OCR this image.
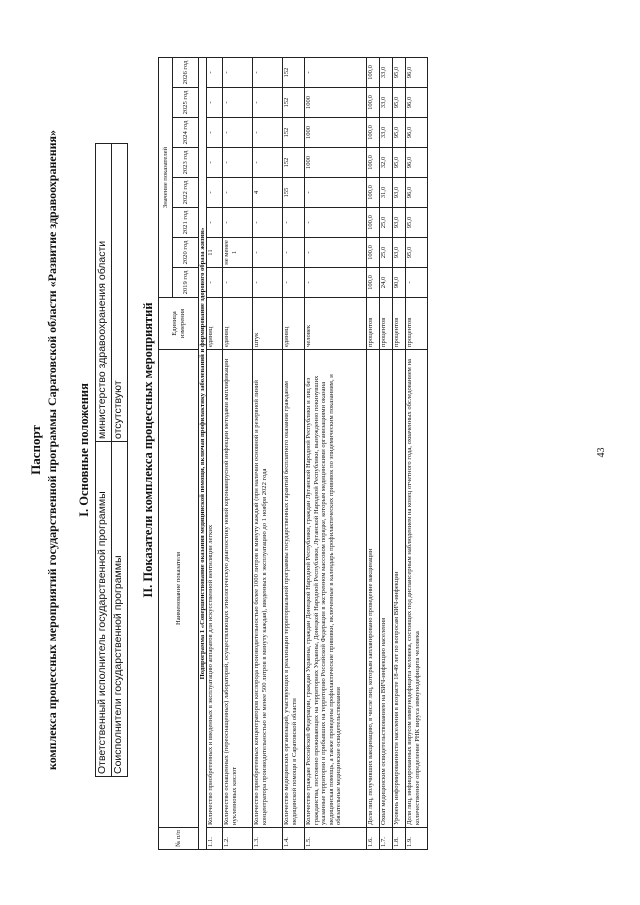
43
Паспорт комплекса процессных мероприятий государственной программы Саратовской области «Развитие здравоохранения» I. Основные положения
Ответственный исполнитель государственной программы	министерство здравоохранения области
Соисполнители государственной программы	отсутствуют II. Показатели комплекса процессных мероприятий
№ п/п	Наименование показателя	Единица измерения	Значение показателей							
			2019 год	2020 год	2021 год	2022 год	2023 год	2024 год	2025 год	2026 год
Подпрограмма 1 «Совершенствование оказания медицинской помощи, включая профилактику заболеваний и формирование здорового образа жизни»										
1.1.	Количество приобретенных и введенных в эксплуатацию аппаратов для искусственной вентиляции легких	единиц	-	11	-	-	-	-	-	-
1.2.	Количество оснащенных (переоснащенных) лабораторий, осуществляющих этиологическую диагностику новой коронавирусной инфекции методами амплификации нуклеиновых кислот	единиц	-	не менее 1	-	-	-	-	-	-
1.3.	Количество приобретенных концентраторов кислорода производительностью более 1000 литров в минуту каждый (при наличии основной и резервной линий концентратора производительностью не менее 500 литров в минуту каждая), введенных в эксплуатацию до 1 ноября 2022 года	штук	-	-	-	4	-	-	-	-
1.4.	Количество медицинских организаций, участвующих в реализации территориальной программы государственных гарантий бесплатного оказания гражданам медицинской помощи в Саратовской области	единиц	-	-	-	155	152	152	152	152
1.5.	Количество граждан Российской Федерации, граждан Украины, граждан Донецкой Народной Республики, граждан Луганской Народной Республики и лиц без гражданства, постоянно проживающих на территориях Украины, Донецкой Народной Республики, Луганской Народной Республики, вынужденно покинувших указанные территории и прибывших на территорию Российской Федерации в экстренном массовом порядке, которым медицинскими организациями оказана медицинская помощь, а также проведены профилактические прививки, включенные в календарь профилактических прививок по эпидемическим показаниям, и обязательные медицинские освидетельствования	человек	-	-	-	-	1000	1000	1000	-
1.6.	Доля лиц, получивших вакцинацию, в числе лиц, которым запланировано проведение вакцинации	процентов	100,0	100,0	100,0	100,0	100,0	100,0	100,0	100,0
1.7.	Охват медицинским освидетельствованием на ВИЧ-инфекцию населения	процентов	24,0	25,0	25,0	31,0	32,0	33,0	33,0	33,0
1.8.	Уровень информированности населения в возрасте 18-49 лет по вопросам ВИЧ-инфекции	процентов	90,0	93,0	93,0	93,0	95,0	95,0	95,0	95,0
1.9.	Доля лиц, инфицированных вирусом иммунодефицита человека, состоящих под диспансерным наблюдением на конец отчетного года, охваченных обследованием на количественное определение РНК вируса иммунодефицита человека	процентов	-	95,0	95,0	96,0	96,0	96,0	96,0	96,0
